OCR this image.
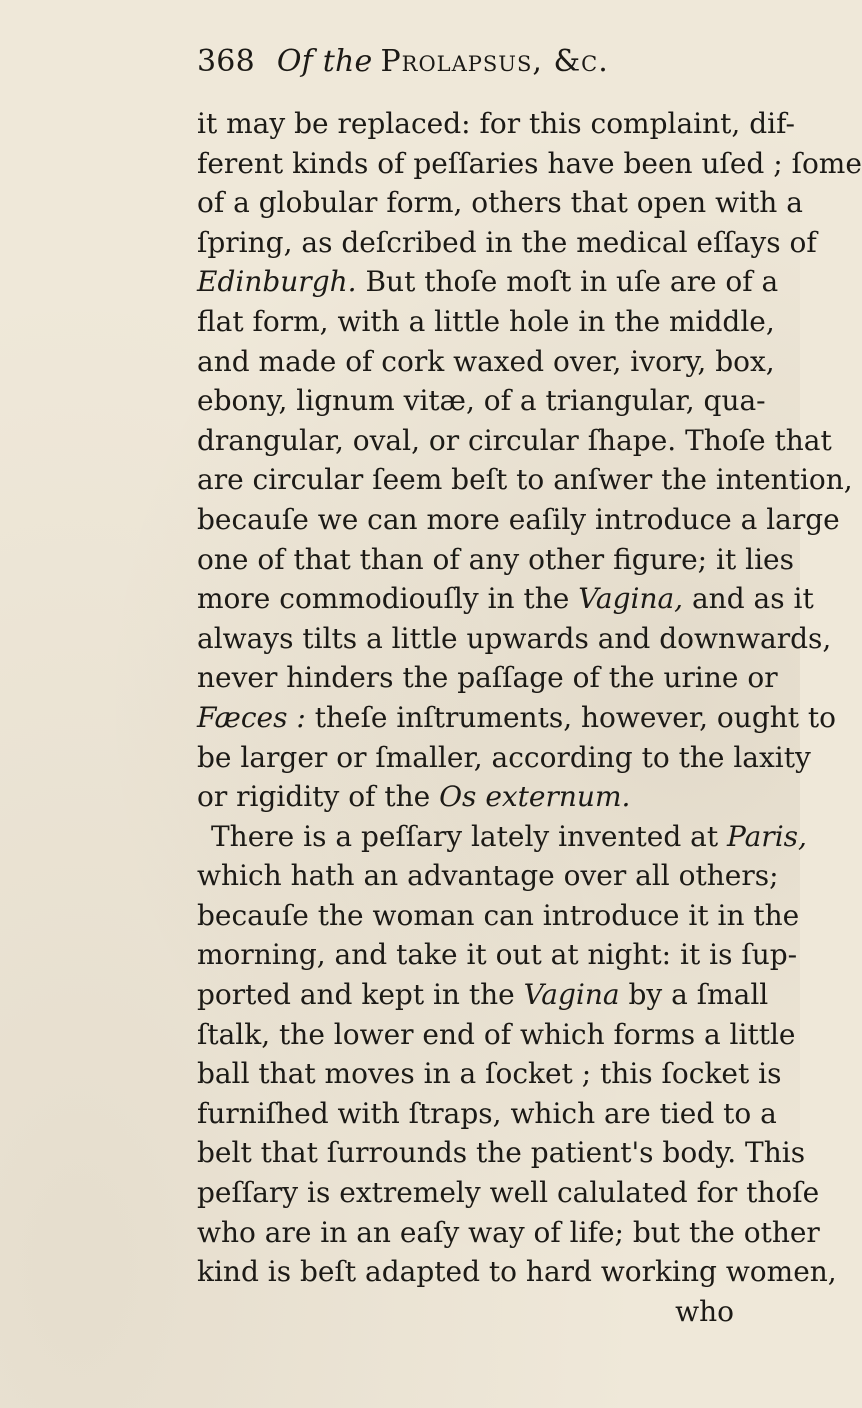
368 Of the Prolapsus, &c.
it may be replaced: for this complaint, dif-
ferent kinds of peſſaries have been uſed ; ſome
of a globular form, others that open with a
ſpring, as deſcribed in the medical eſſays of
Edinburgh. But thoſe moſt in uſe are of a
flat form, with a little hole in the middle,
and made of cork waxed over, ivory, box,
ebony, lignum vitæ, of a triangular, qua-
drangular, oval, or circular ſhape. Thoſe that
are circular ſeem beſt to anſwer the intention,
becauſe we can more eaſily introduce a large
one of that than of any other figure; it lies
more commodiouſly in the Vagina, and as it
always tilts a little upwards and downwards,
never hinders the paſſage of the urine or
Fæces : theſe inſtruments, however, ought to
be larger or ſmaller, according to the laxity
or rigidity of the Os externum.
There is a peſſary lately invented at Paris,
which hath an advantage over all others;
becauſe the woman can introduce it in the
morning, and take it out at night: it is ſup-
ported and kept in the Vagina by a ſmall
ſtalk, the lower end of which forms a little
ball that moves in a ſocket ; this ſocket is
furniſhed with ſtraps, which are tied to a
belt that ſurrounds the patient's body. This
peſſary is extremely well calulated for thoſe
who are in an eaſy way of life; but the other
kind is beſt adapted to hard working women,
who
